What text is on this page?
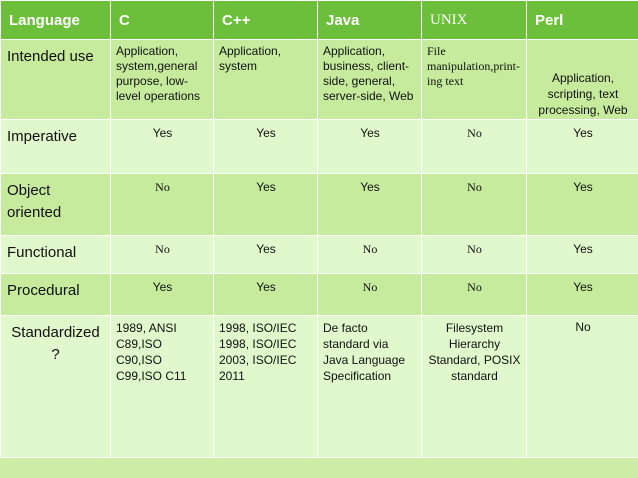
Language	C	C++	Java	UNIX	Perl

Intended use	Application, system,general purpose, low-level operations	Application, system	Application, business, client-side, general, server-side, Web	File manipulation,print-ing text	Application, scripting, text processing, Web

Imperative	Yes	Yes	Yes	No	Yes

Object oriented	No	Yes	Yes	No	Yes

Functional	No	Yes	No	No	Yes

Procedural	Yes	Yes	No	No	Yes

Standardized ?	1989, ANSI C89,ISO C90,ISO C99,ISO C11	1998, ISO/IEC 1998, ISO/IEC 2003, ISO/IEC 2011	De facto standard via Java Language Specification	Filesystem Hierarchy Standard, POSIX standard	No
